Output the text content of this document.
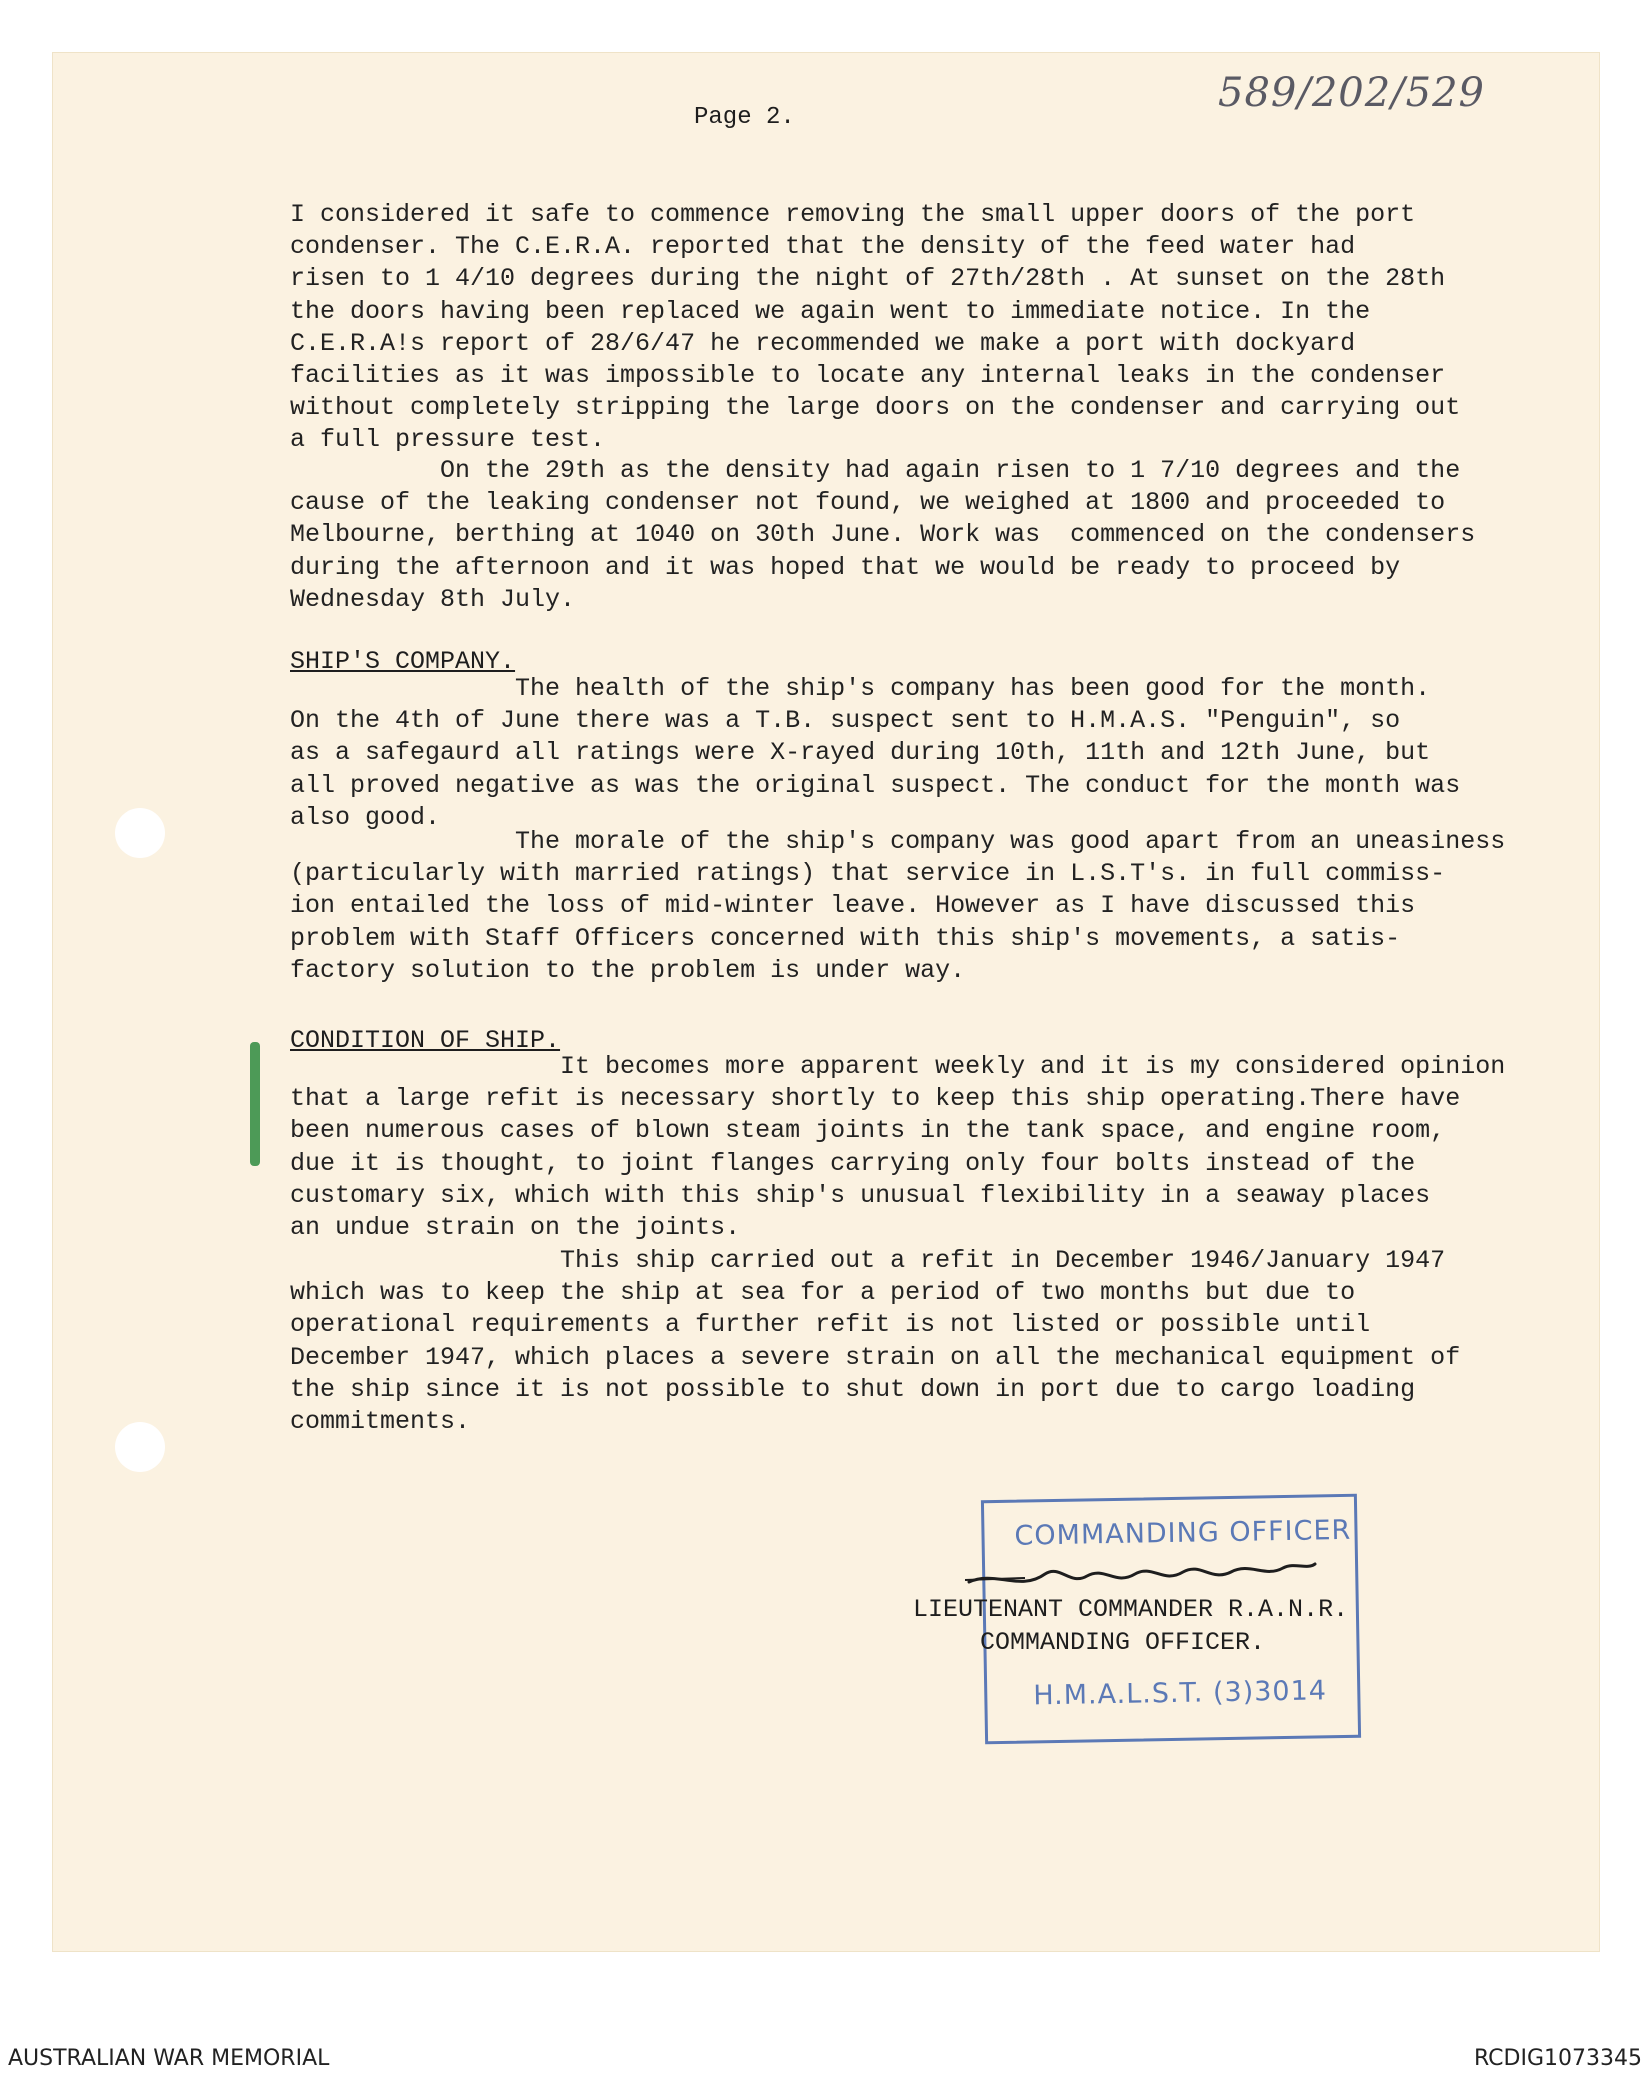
589/202/529
Page 2.
I considered it safe to commence removing the small upper doors of the port
condenser. The C.E.R.A. reported that the density of the feed water had
risen to 1 4/10 degrees during the night of 27th/28th . At sunset on the 28th
the doors having been replaced we again went to immediate notice. In the
C.E.R.A!s report of 28/6/47 he recommended we make a port with dockyard
facilities as it was impossible to locate any internal leaks in the condenser
without completely stripping the large doors on the condenser and carrying out
a full pressure test.
On the 29th as the density had again risen to 1 7/10 degrees and the
cause of the leaking condenser not found, we weighed at 1800 and proceeded to
Melbourne, berthing at 1040 on 30th June. Work was  commenced on the condensers
during the afternoon and it was hoped that we would be ready to proceed by
Wednesday 8th July.
SHIP'S COMPANY.
The health of the ship's company has been good for the month.
On the 4th of June there was a T.B. suspect sent to H.M.A.S. "Penguin", so
as a safegaurd all ratings were X-rayed during 10th, 11th and 12th June, but
all proved negative as was the original suspect. The conduct for the month was
also good.
The morale of the ship's company was good apart from an uneasiness
(particularly with married ratings) that service in L.S.T's. in full commiss-
ion entailed the loss of mid-winter leave. However as I have discussed this
problem with Staff Officers concerned with this ship's movements, a satis-
factory solution to the problem is under way.
CONDITION OF SHIP.
It becomes more apparent weekly and it is my considered opinion
that a large refit is necessary shortly to keep this ship operating.There have
been numerous cases of blown steam joints in the tank space, and engine room,
due it is thought, to joint flanges carrying only four bolts instead of the
customary six, which with this ship's unusual flexibility in a seaway places
an undue strain on the joints.
This ship carried out a refit in December 1946/January 1947
which was to keep the ship at sea for a period of two months but due to
operational requirements a further refit is not listed or possible until
December 1947, which places a severe strain on all the mechanical equipment of
the ship since it is not possible to shut down in port due to cargo loading
commitments.
COMMANDING OFFICER
H.M.A.L.S.T. (3)3014
LIEUTENANT COMMANDER R.A.N.R.
COMMANDING OFFICER.
AUSTRALIAN WAR MEMORIAL	RCDIG1073345
